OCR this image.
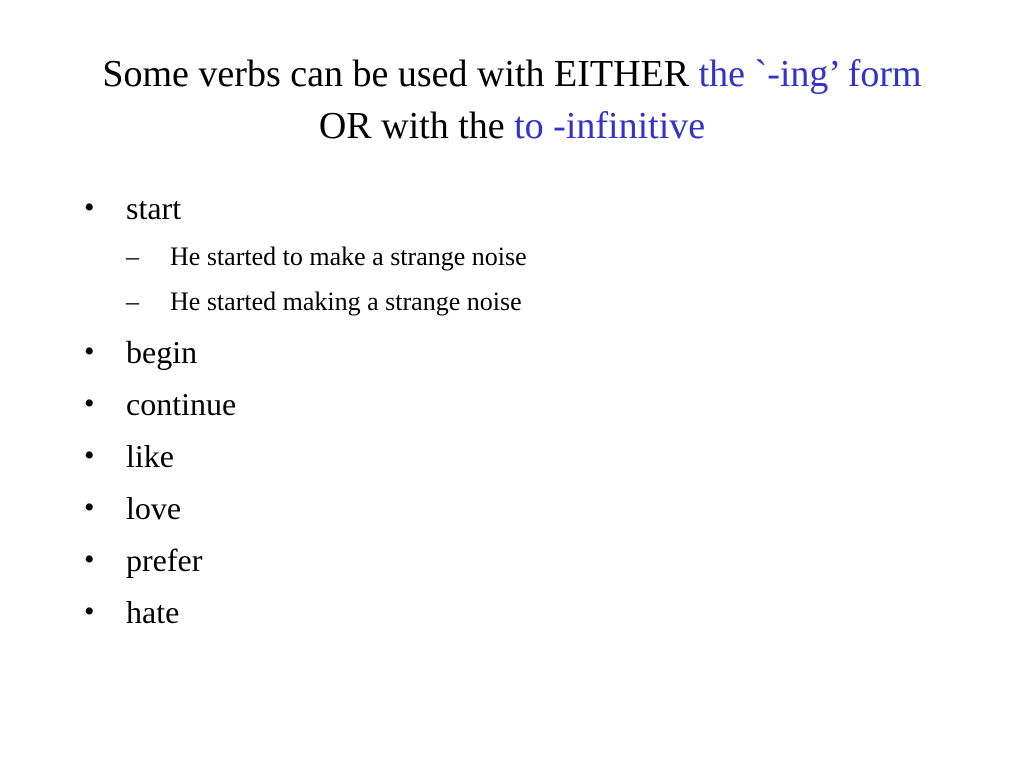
Some verbs can be used with EITHER the `-ing’ form OR with the to -infinitive
• start
– He started to make a strange noise
– He started making a strange noise
• begin
• continue
• like
• love
• prefer
• hate
